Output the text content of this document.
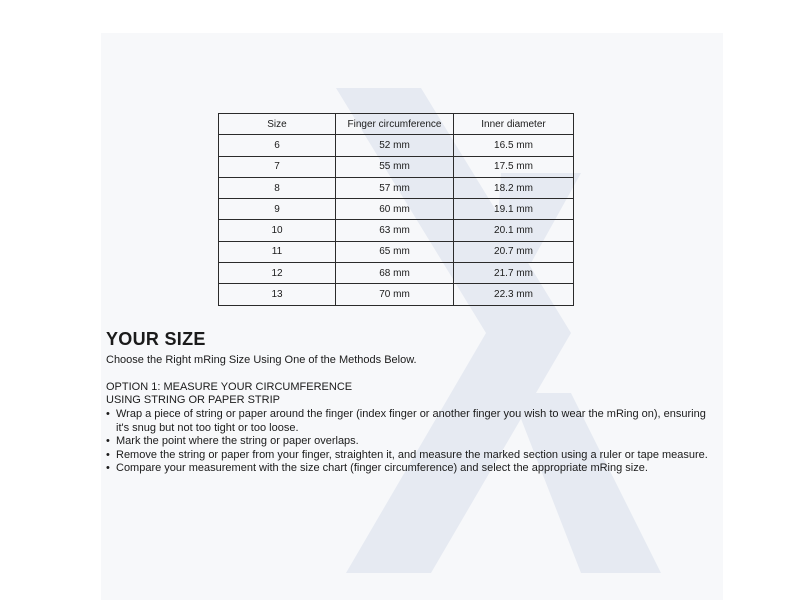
Size	Finger circumference	Inner diameter
6	52 mm	16.5 mm
7	55 mm	17.5 mm
8	57 mm	18.2 mm
9	60 mm	19.1 mm
10	63 mm	20.1 mm
11	65 mm	20.7 mm
12	68 mm	21.7 mm
13	70 mm	22.3 mm
YOUR SIZE

Choose the Right mRing Size Using One of the Methods Below.

OPTION 1: MEASURE YOUR CIRCUMFERENCE
USING STRING OR PAPER STRIP

• Wrap a piece of string or paper around the finger (index finger or another finger you wish to wear the mRing on), ensuring it's snug but not too tight or too loose.
• Mark the point where the string or paper overlaps.
• Remove the string or paper from your finger, straighten it, and measure the marked section using a ruler or tape measure.
• Compare your measurement with the size chart (finger circumference) and select the appropriate mRing size.
